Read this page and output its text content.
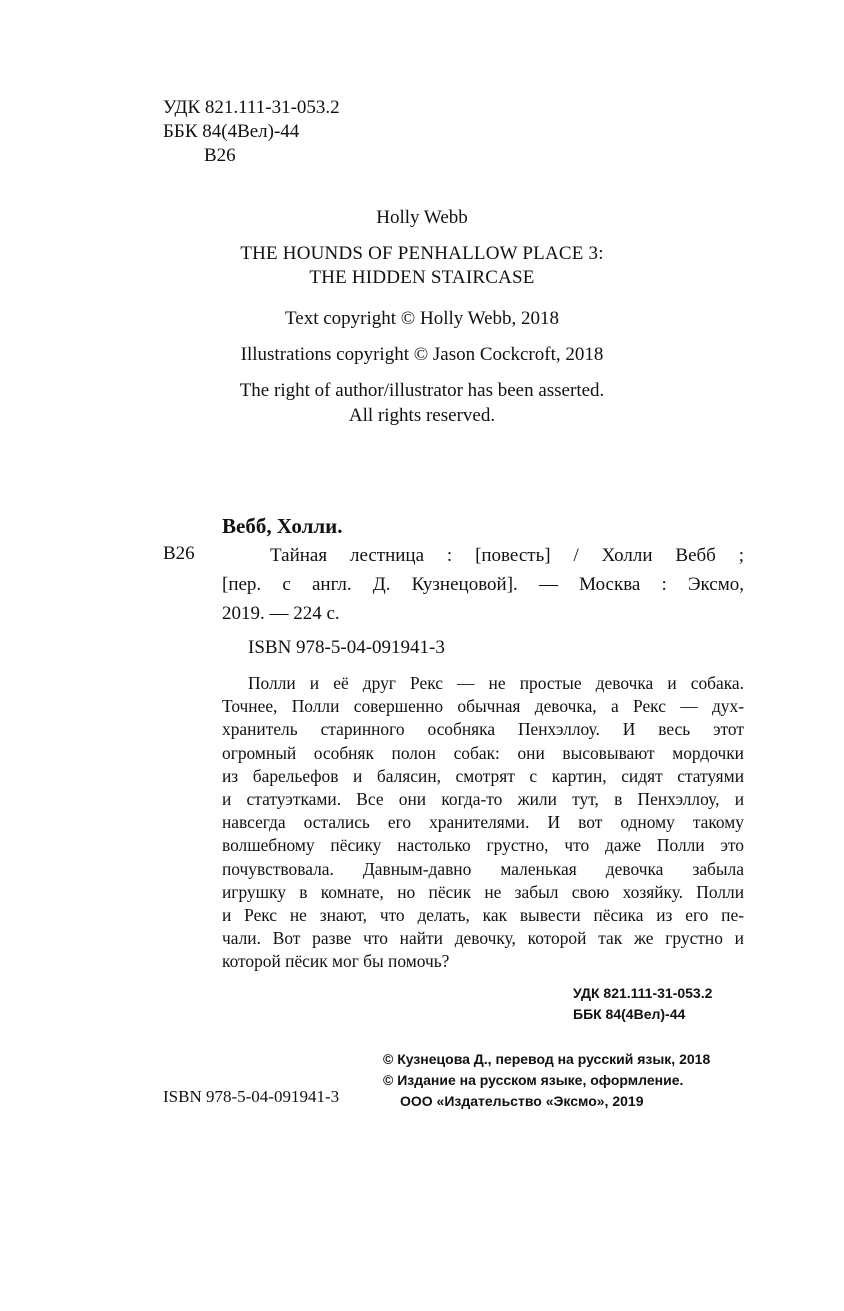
УДК 821.111-31-053.2
ББК 84(4Вел)-44
В26
Holly Webb
THE HOUNDS OF PENHALLOW PLACE 3:
THE HIDDEN STAIRCASE
Text copyright © Holly Webb, 2018
Illustrations copyright © Jason Cockcroft, 2018
The right of author/illustrator has been asserted.
All rights reserved.
Вебб, Холли.
В26	Тайная лестница : [повесть] / Холли Вебб ;
[пер. с англ. Д. Кузнецовой]. — Москва : Эксмо,
2019. — 224 с.
ISBN 978-5-04-091941-3
Полли и её друг Рекс — не простые девочка и собака.
Точнее, Полли совершенно обычная девочка, а Рекс — дух-
хранитель старинного особняка Пенхэллоу. И весь этот
огромный особняк полон собак: они высовывают мордочки
из барельефов и балясин, смотрят с картин, сидят статуями
и статуэтками. Все они когда-то жили тут, в Пенхэллоу, и
навсегда остались его хранителями. И вот одному такому
волшебному пёсику настолько грустно, что даже Полли это
почувствовала. Давным-давно маленькая девочка забыла
игрушку в комнате, но пёсик не забыл свою хозяйку. Полли
и Рекс не знают, что делать, как вывести пёсика из его пе-
чали. Вот разве что найти девочку, которой так же грустно и
которой пёсик мог бы помочь?
УДК 821.111-31-053.2
ББК 84(4Вел)-44
© Кузнецова Д., перевод на русский язык, 2018
© Издание на русском языке, оформление.
ООО «Издательство «Эксмо», 2019
ISBN 978-5-04-091941-3
